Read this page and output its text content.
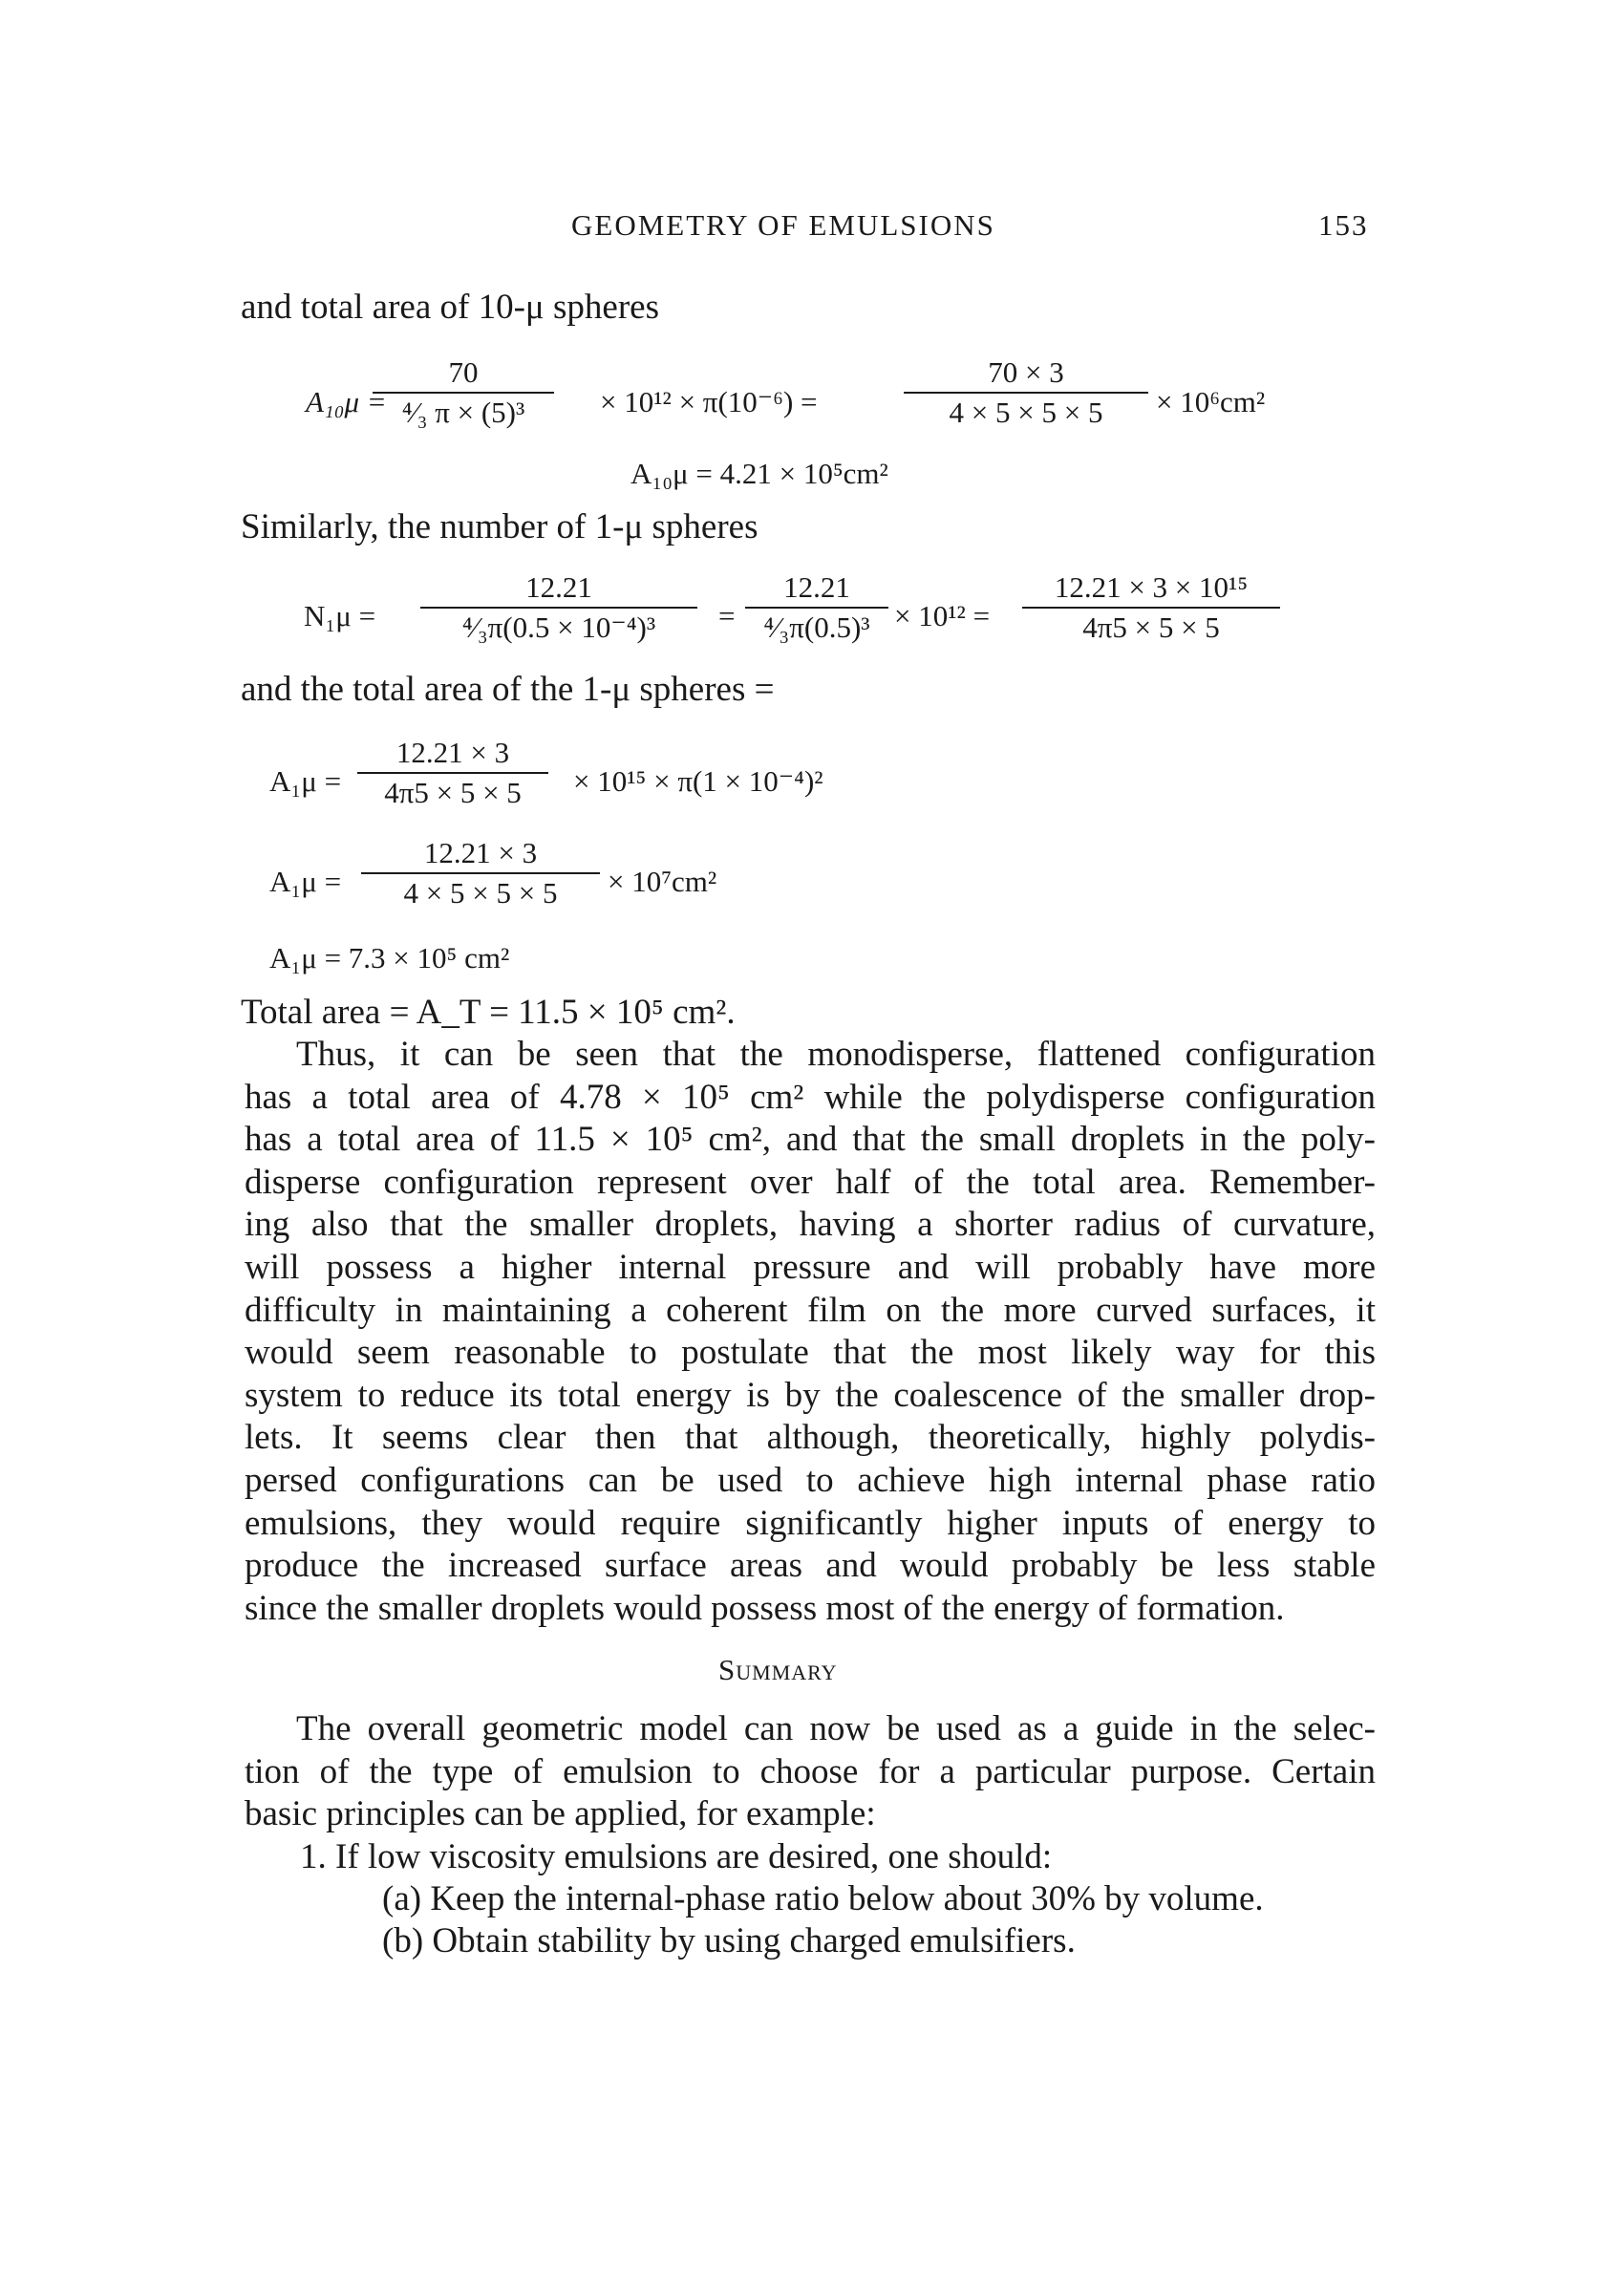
GEOMETRY OF EMULSIONS	153
and total area of 10-μ spheres
A₁₀μ =
70
⁴⁄₃ π × (5)³	× 10¹² × π(10⁻⁶) =
70 × 3
4 × 5 × 5 × 5	× 10⁶cm²
A₁₀μ = 4.21 × 10⁵cm²
Similarly, the number of 1-μ spheres
N₁μ =
12.21
⁴⁄₃π(0.5 × 10⁻⁴)³	=
12.21
⁴⁄₃π(0.5)³ × 10¹² =
12.21 × 3 × 10¹⁵
4π5 × 5 × 5
and the total area of the 1-μ spheres =
A₁μ =
12.21 × 3
4π5 × 5 × 5	× 10¹⁵ × π(1 × 10⁻⁴)²
A₁μ =
12.21 × 3
4 × 5 × 5 × 5	× 10⁷cm²
A₁μ = 7.3 × 10⁵ cm²
Total area = A_T = 11.5 × 10⁵ cm².
Thus, it can be seen that the monodisperse, flattened configuration
has a total area of 4.78 × 10⁵ cm² while the polydisperse configuration
has a total area of 11.5 × 10⁵ cm², and that the small droplets in the poly-
disperse configuration represent over half of the total area. Remember-
ing also that the smaller droplets, having a shorter radius of curvature,
will possess a higher internal pressure and will probably have more
difficulty in maintaining a coherent film on the more curved surfaces, it
would seem reasonable to postulate that the most likely way for this
system to reduce its total energy is by the coalescence of the smaller drop-
lets. It seems clear then that although, theoretically, highly polydis-
persed configurations can be used to achieve high internal phase ratio
emulsions, they would require significantly higher inputs of energy to
produce the increased surface areas and would probably be less stable
since the smaller droplets would possess most of the energy of formation.
Summary
The overall geometric model can now be used as a guide in the selec-
tion of the type of emulsion to choose for a particular purpose. Certain
basic principles can be applied, for example:
1. If low viscosity emulsions are desired, one should:
(a) Keep the internal-phase ratio below about 30% by volume.
(b) Obtain stability by using charged emulsifiers.
